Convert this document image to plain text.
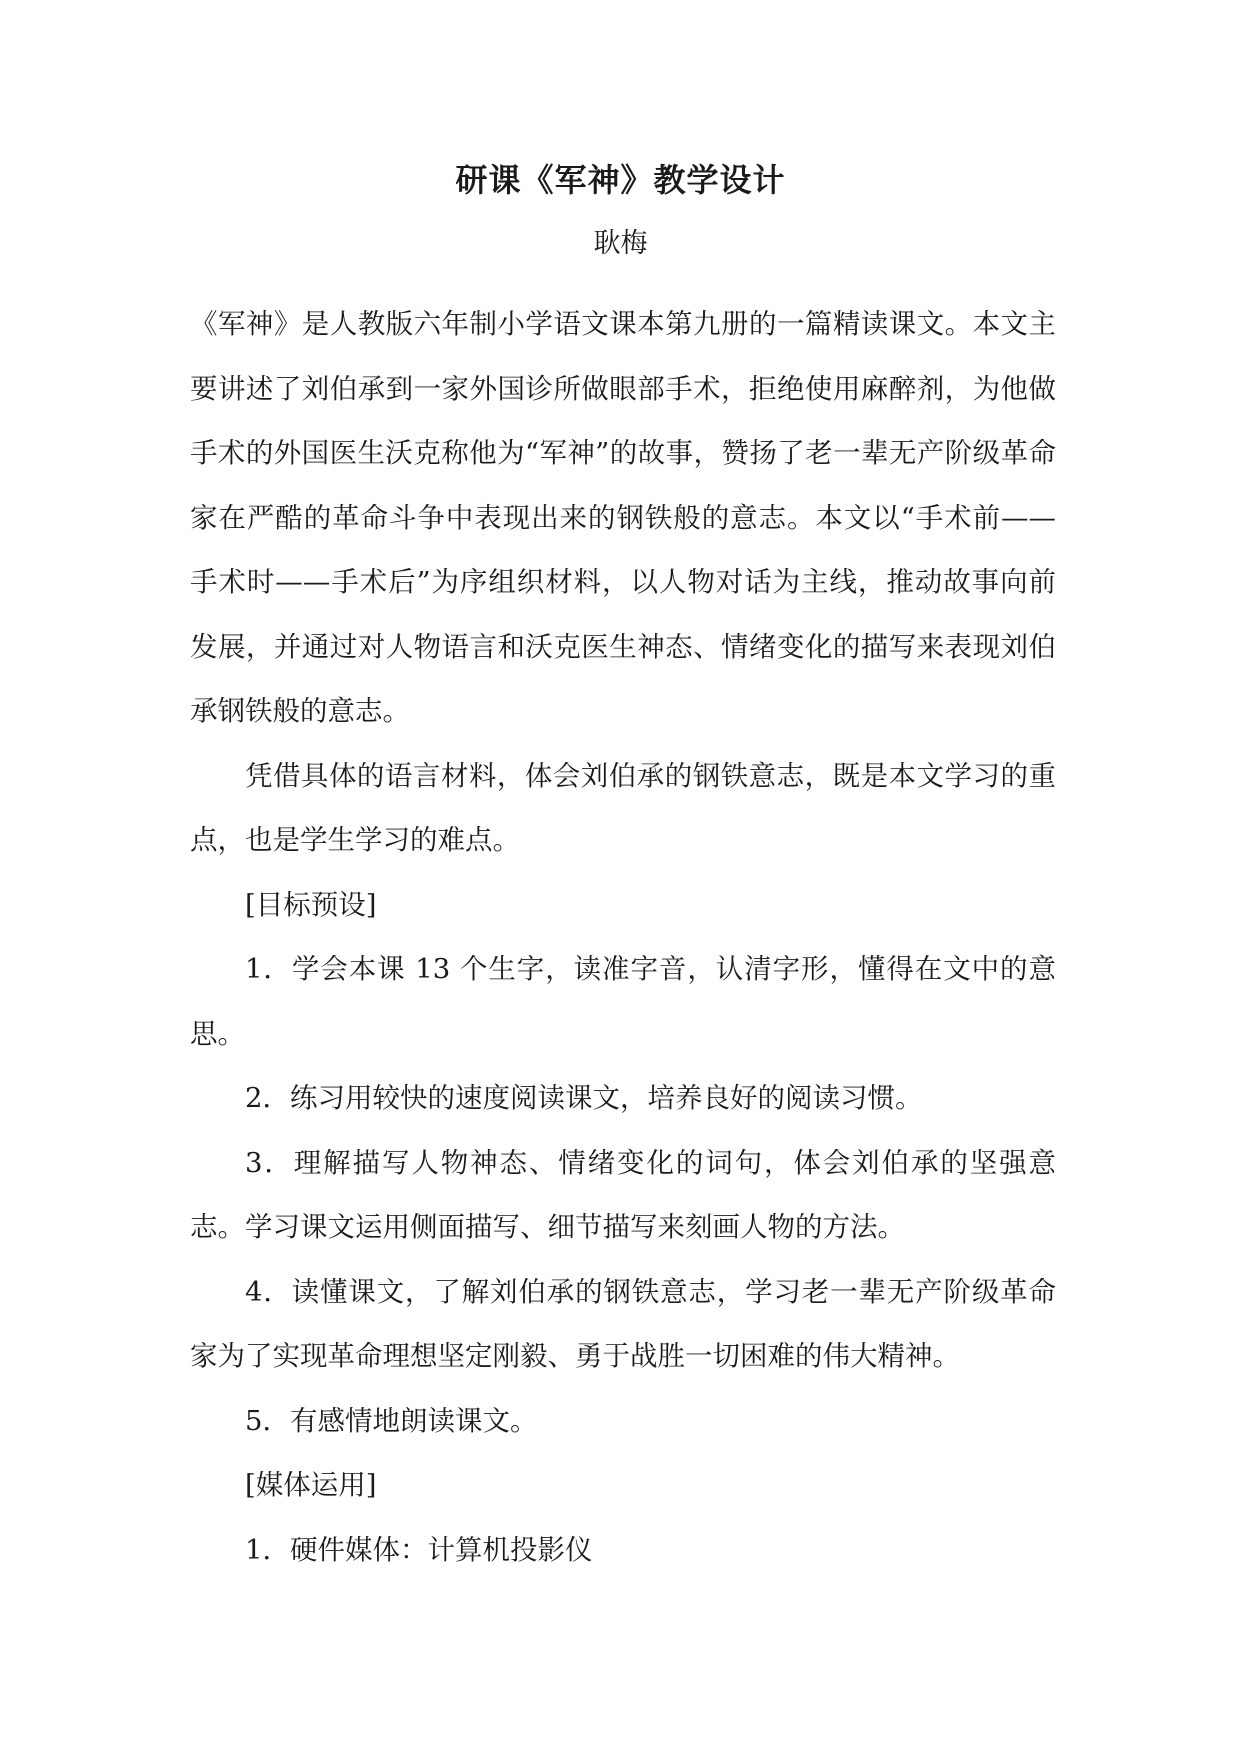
研课《军神》教学设计
耿梅

《军神》是人教版六年制小学语文课本第九册的一篇精读课文。本文主要讲述了刘伯承到一家外国诊所做眼部手术，拒绝使用麻醉剂，为他做手术的外国医生沃克称他为“军神”的故事，赞扬了老一辈无产阶级革命家在严酷的革命斗争中表现出来的钢铁般的意志。本文以“手术前——手术时——手术后”为序组织材料，以人物对话为主线，推动故事向前发展，并通过对人物语言和沃克医生神态、情绪变化的描写来表现刘伯承钢铁般的意志。

凭借具体的语言材料，体会刘伯承的钢铁意志，既是本文学习的重点，也是学生学习的难点。

[目标预设]

1．学会本课 13 个生字，读准字音，认清字形，懂得在文中的意思。

2．练习用较快的速度阅读课文，培养良好的阅读习惯。

3．理解描写人物神态、情绪变化的词句，体会刘伯承的坚强意志。学习课文运用侧面描写、细节描写来刻画人物的方法。

4．读懂课文，了解刘伯承的钢铁意志，学习老一辈无产阶级革命家为了实现革命理想坚定刚毅、勇于战胜一切困难的伟大精神。

5．有感情地朗读课文。

[媒体运用]

1．硬件媒体：计算机投影仪
